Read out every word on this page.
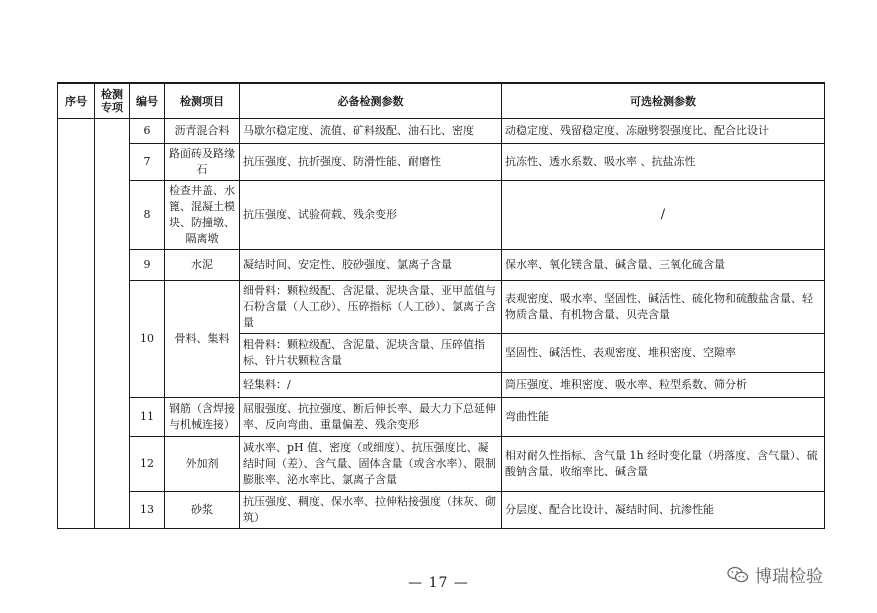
序号	检测专项	编号	检测项目	必备检测参数	可选检测参数
		6	沥青混合料	马歇尔稳定度、流值、矿料级配、油石比、密度	动稳定度、残留稳定度、冻融劈裂强度比、配合比设计
		7	路面砖及路缘石	抗压强度、抗折强度、防滑性能、耐磨性	抗冻性、透水系数、吸水率 、抗盐冻性
		8	检查井盖、水篦、混凝土模块、防撞墩、隔离墩	抗压强度、试验荷载、残余变形	/
		9	水泥	凝结时间、安定性、胶砂强度、氯离子含量	保水率、氧化镁含量、碱含量、三氧化硫含量
		10	骨料、集料	细骨料：颗粒级配、含泥量、泥块含量、亚甲蓝值与石粉含量（人工砂）、压碎指标（人工砂）、氯离子含量	表观密度、吸水率、坚固性、碱活性、硫化物和硫酸盐含量、轻物质含量、有机物含量、贝壳含量
				粗骨料：颗粒级配、含泥量、泥块含量、压碎值指标、针片状颗粒含量	坚固性、碱活性、表观密度、堆积密度、空隙率
				轻集料：/	筒压强度、堆积密度、吸水率、粒型系数、筛分析
		11	钢筋（含焊接与机械连接）	屈服强度、抗拉强度、断后伸长率、最大力下总延伸率、反向弯曲、重量偏差、残余变形	弯曲性能
		12	外加剂	减水率、pH 值、密度（或细度）、抗压强度比、凝结时间（差）、含气量、固体含量（或含水率）、限制膨胀率、泌水率比、氯离子含量	相对耐久性指标、含气量 1h 经时变化量（坍落度、含气量）、硫酸钠含量、收缩率比、碱含量
		13	砂浆	抗压强度、稠度、保水率、拉伸粘接强度（抹灰、砌筑）	分层度、配合比设计、凝结时间、抗渗性能
— 17 —	博瑞检验
